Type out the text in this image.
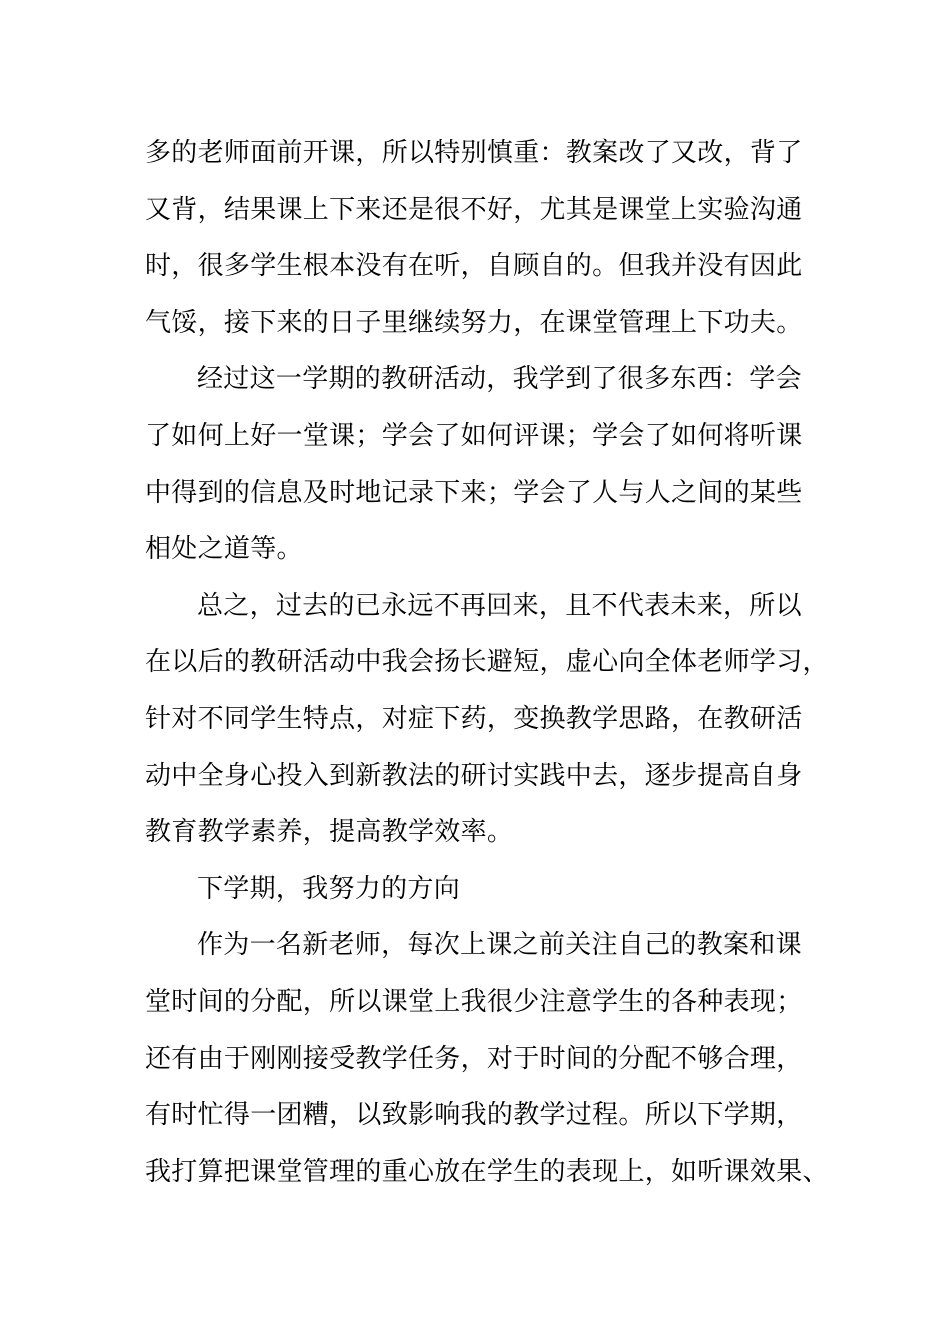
多的老师面前开课，所以特别慎重：教案改了又改，背了
又背，结果课上下来还是很不好，尤其是课堂上实验沟通
时，很多学生根本没有在听，自顾自的。但我并没有因此
气馁，接下来的日子里继续努力，在课堂管理上下功夫。
经过这一学期的教研活动，我学到了很多东西：学会
了如何上好一堂课；学会了如何评课；学会了如何将听课
中得到的信息及时地记录下来；学会了人与人之间的某些
相处之道等。
总之，过去的已永远不再回来，且不代表未来，所以
在以后的教研活动中我会扬长避短，虚心向全体老师学习，
针对不同学生特点，对症下药，变换教学思路，在教研活
动中全身心投入到新教法的研讨实践中去，逐步提高自身
教育教学素养，提高教学效率。
下学期，我努力的方向
作为一名新老师，每次上课之前关注自己的教案和课
堂时间的分配，所以课堂上我很少注意学生的各种表现；
还有由于刚刚接受教学任务，对于时间的分配不够合理，
有时忙得一团糟，以致影响我的教学过程。所以下学期，
我打算把课堂管理的重心放在学生的表现上，如听课效果、
